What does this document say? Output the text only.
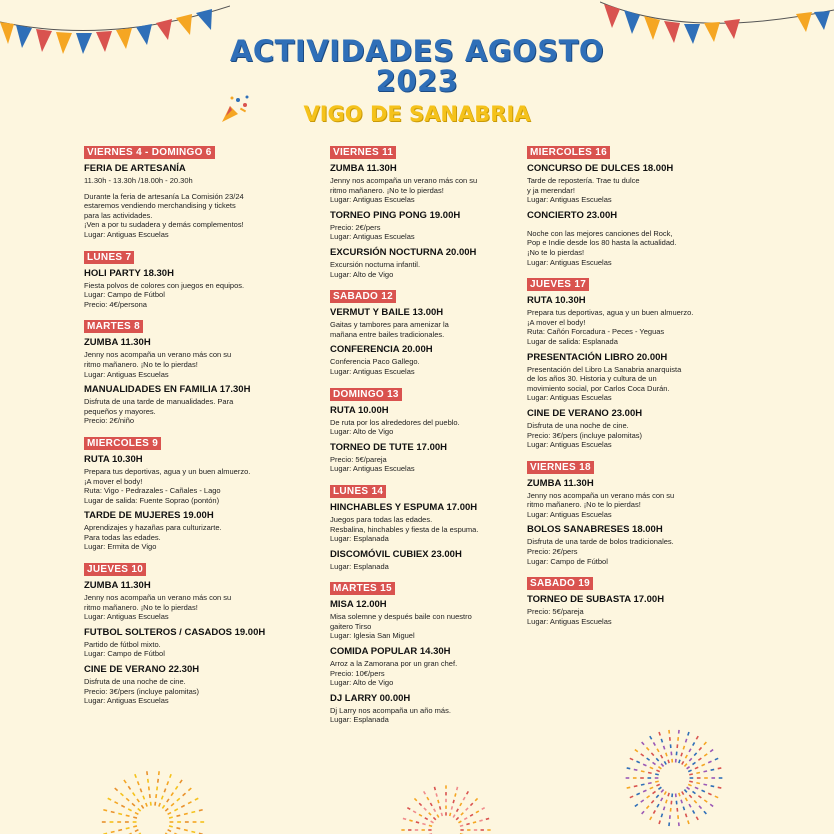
ACTIVIDADES AGOSTO
2023
VIGO DE SANABRIA
VIERNES 4 - DOMINGO 6
FERIA DE ARTESANÍA
11.30h - 13.30h /18.00h - 20.30h
Durante la feria de artesanía La Comisión 23/24
estaremos vendiendo merchandising y tickets
para las actividades.
¡Ven a por tu sudadera y demás complementos!
Lugar: Antiguas Escuelas
LUNES 7
HOLI PARTY 18.30H
Fiesta polvos de colores con juegos en equipos.
Lugar: Campo de Fútbol
Precio: 4€/persona
MARTES 8
ZUMBA 11.30H
Jenny nos acompaña un verano más con su
ritmo mañanero. ¡No te lo pierdas!
Lugar: Antiguas Escuelas
MANUALIDADES EN FAMILIA 17.30H
Disfruta de una tarde de manualidades. Para
pequeños y mayores.
Precio: 2€/niño
MIERCOLES 9
RUTA 10.30H
Prepara tus deportivas, agua y un buen almuerzo.
¡A mover el body!
Ruta: Vigo - Pedrazales - Cañales - Lago
Lugar de salida: Fuente Soprao (pontón)
TARDE DE MUJERES 19.00H
Aprendizajes y hazañas para culturizarte.
Para todas las edades.
Lugar: Ermita de Vigo
JUEVES 10
ZUMBA 11.30H
Jenny nos acompaña un verano más con su
ritmo mañanero. ¡No te lo pierdas!
Lugar: Antiguas Escuelas
FUTBOL SOLTEROS / CASADOS 19.00H
Partido de fútbol mixto.
Lugar: Campo de Fútbol
CINE DE VERANO 22.30H
Disfruta de una noche de cine.
Precio: 3€/pers (incluye palomitas)
Lugar: Antiguas Escuelas
VIERNES 11
ZUMBA 11.30H
Jenny nos acompaña un verano más con su
ritmo mañanero. ¡No te lo pierdas!
Lugar: Antiguas Escuelas
TORNEO PING PONG 19.00H
Precio: 2€/pers
Lugar: Antiguas Escuelas
EXCURSIÓN NOCTURNA 20.00H
Excursión nocturna infantil.
Lugar: Alto de Vigo
SABADO 12
VERMUT Y BAILE 13.00H
Gaitas y tambores para amenizar la
mañana entre bailes tradicionales.
CONFERENCIA 20.00H
Conferencia Paco Gallego.
Lugar: Antiguas Escuelas
DOMINGO 13
RUTA 10.00H
De ruta por los alrededores del pueblo.
Lugar: Alto de Vigo
TORNEO DE TUTE 17.00H
Precio: 5€/pareja
Lugar: Antiguas Escuelas
LUNES 14
HINCHABLES Y ESPUMA 17.00H
Juegos para todas las edades.
Resbalina, hinchables y fiesta de la espuma.
Lugar: Esplanada
DISCOMÓVIL CUBIEX 23.00H
Lugar: Esplanada
MARTES 15
MISA 12.00H
Misa solemne y después baile con nuestro
gaitero Tirso
Lugar: Iglesia San Miguel
COMIDA POPULAR 14.30H
Arroz a la Zamorana por un gran chef.
Precio: 10€/pers
Lugar: Alto de Vigo
DJ LARRY 00.00H
Dj Larry nos acompaña un año más.
Lugar: Esplanada
MIERCOLES 16
CONCURSO DE DULCES 18.00H
Tarde de repostería. Trae tu dulce
y ja merendar!
Lugar: Antiguas Escuelas
CONCIERTO 23.00H
Noche con las mejores canciones del Rock,
Pop e Indie desde los 80 hasta la actualidad.
¡No te lo pierdas!
Lugar: Antiguas Escuelas
JUEVES 17
RUTA 10.30H
Prepara tus deportivas, agua y un buen almuerzo.
¡A mover el body!
Ruta: Cañón Forcadura - Peces - Yeguas
Lugar de salida: Esplanada
PRESENTACIÓN LIBRO 20.00H
Presentación del Libro La Sanabria anarquista
de los años 30. Historia y cultura de un
movimiento social, por Carlos Coca Durán.
Lugar: Antiguas Escuelas
CINE DE VERANO 23.00H
Disfruta de una noche de cine.
Precio: 3€/pers (incluye palomitas)
Lugar: Antiguas Escuelas
VIERNES 18
ZUMBA 11.30H
Jenny nos acompaña un verano más con su
ritmo mañanero. ¡No te lo pierdas!
Lugar: Antiguas Escuelas
BOLOS SANABRESES 18.00H
Disfruta de una tarde de bolos tradicionales.
Precio: 2€/pers
Lugar: Campo de Fútbol
SABADO 19
TORNEO DE SUBASTA 17.00H
Precio: 5€/pareja
Lugar: Antiguas Escuelas
